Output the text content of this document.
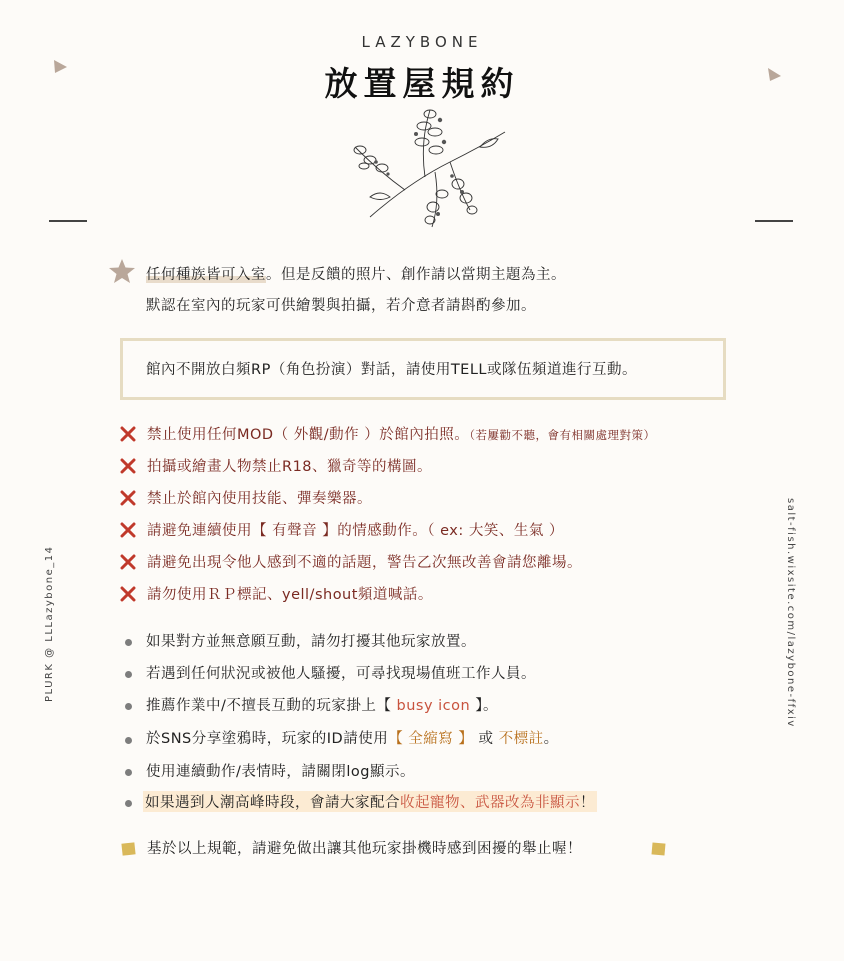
LAZYBONE
放置屋規約
PLURK @ LLLazybone_14	salt-fish.wixsite.com/lazybone-ffxiv
任何種族皆可入室。但是反饋的照片、創作請以當期主題為主。
默認在室內的玩家可供繪製與拍攝，若介意者請斟酌參加。
館內不開放白頻RP（角色扮演）對話，請使用TELL或隊伍頻道進行互動。
禁止使用任何MOD（ 外觀/動作 ）於館內拍照。（若屢勸不聽，會有相關處理對策）
拍攝或繪畫人物禁止R18、獵奇等的構圖。
禁止於館內使用技能、彈奏樂器。
請避免連續使用【 有聲音 】的情感動作。（ ex: 大笑、生氣 ）
請避免出現令他人感到不適的話題，警告乙次無改善會請您離場。
請勿使用ＲＰ標記、yell/shout頻道喊話。
如果對方並無意願互動，請勿打擾其他玩家放置。
若遇到任何狀況或被他人騷擾，可尋找現場值班工作人員。
推薦作業中/不擅長互動的玩家掛上【 busy icon 】。
於SNS分享塗鴉時，玩家的ID請使用【 全縮寫 】 或 不標註。
使用連續動作/表情時，請關閉log顯示。
如果遇到人潮高峰時段，會請大家配合收起寵物、武器改為非顯示！
基於以上規範，請避免做出讓其他玩家掛機時感到困擾的舉止喔！
